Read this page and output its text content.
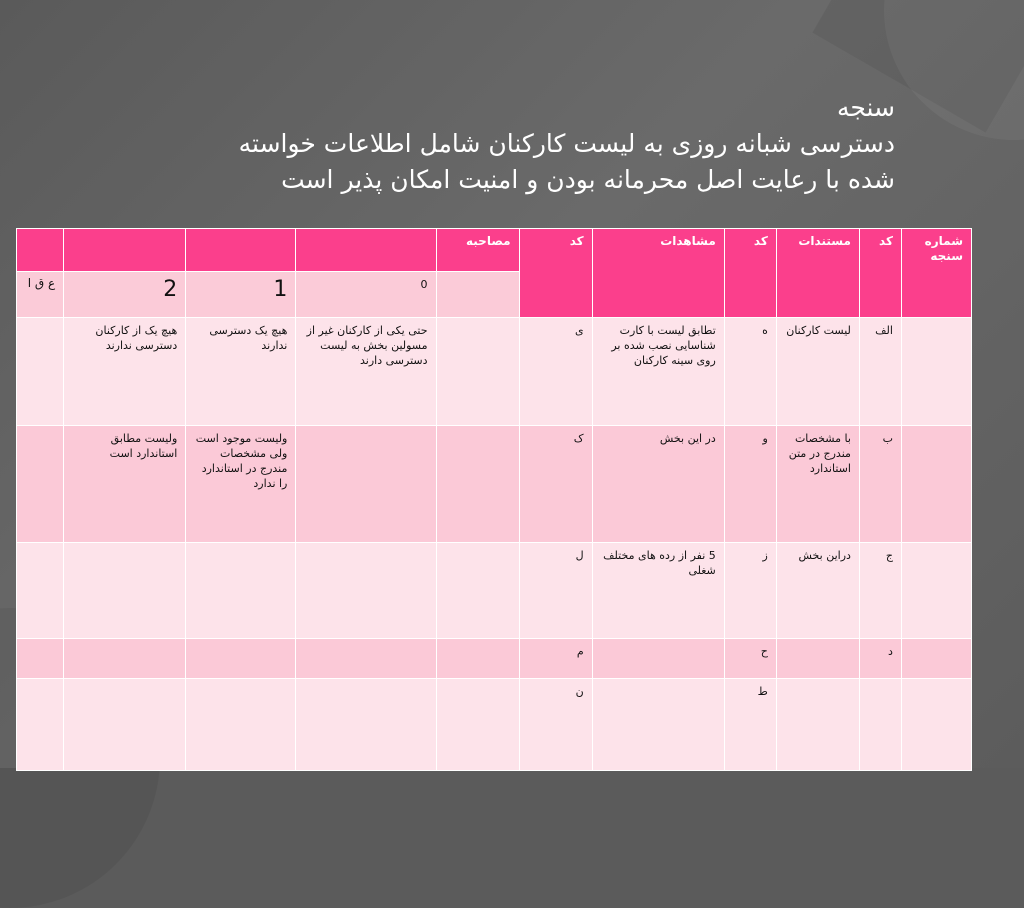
سنجه
دسترسی شبانه روزی به لیست کارکنان شامل اطلاعات خواسته
شده با رعایت اصل محرمانه بودن و امنیت امکان پذیر است
شماره سنجه	کد	مستندات	کد	مشاهدات	کد	مصاحبه				
							0	1	2	ع ق ا
	الف	لیست کارکنان	ه	تطابق لیست با کارت شناسایی نصب شده بر روی سینه کارکنان	ی		حتی یکی از کارکنان غیر از مسولین بخش به لیست دسترسی دارند	هیچ یک دسترسی ندارند	هیچ یک از کارکنان دسترسی ندارند	
	ب	با مشخصات مندرج در متن استاندارد	و	در این بخش	ک			ولیست موجود است ولی مشخصات مندرج در استاندارد را ندارد	ولیست مطابق استاندارد است	
	ج	دراین بخش	ز	5 نفر از رده های مختلف شغلی	ل					
	د		ح		م					
			ط		ن					
